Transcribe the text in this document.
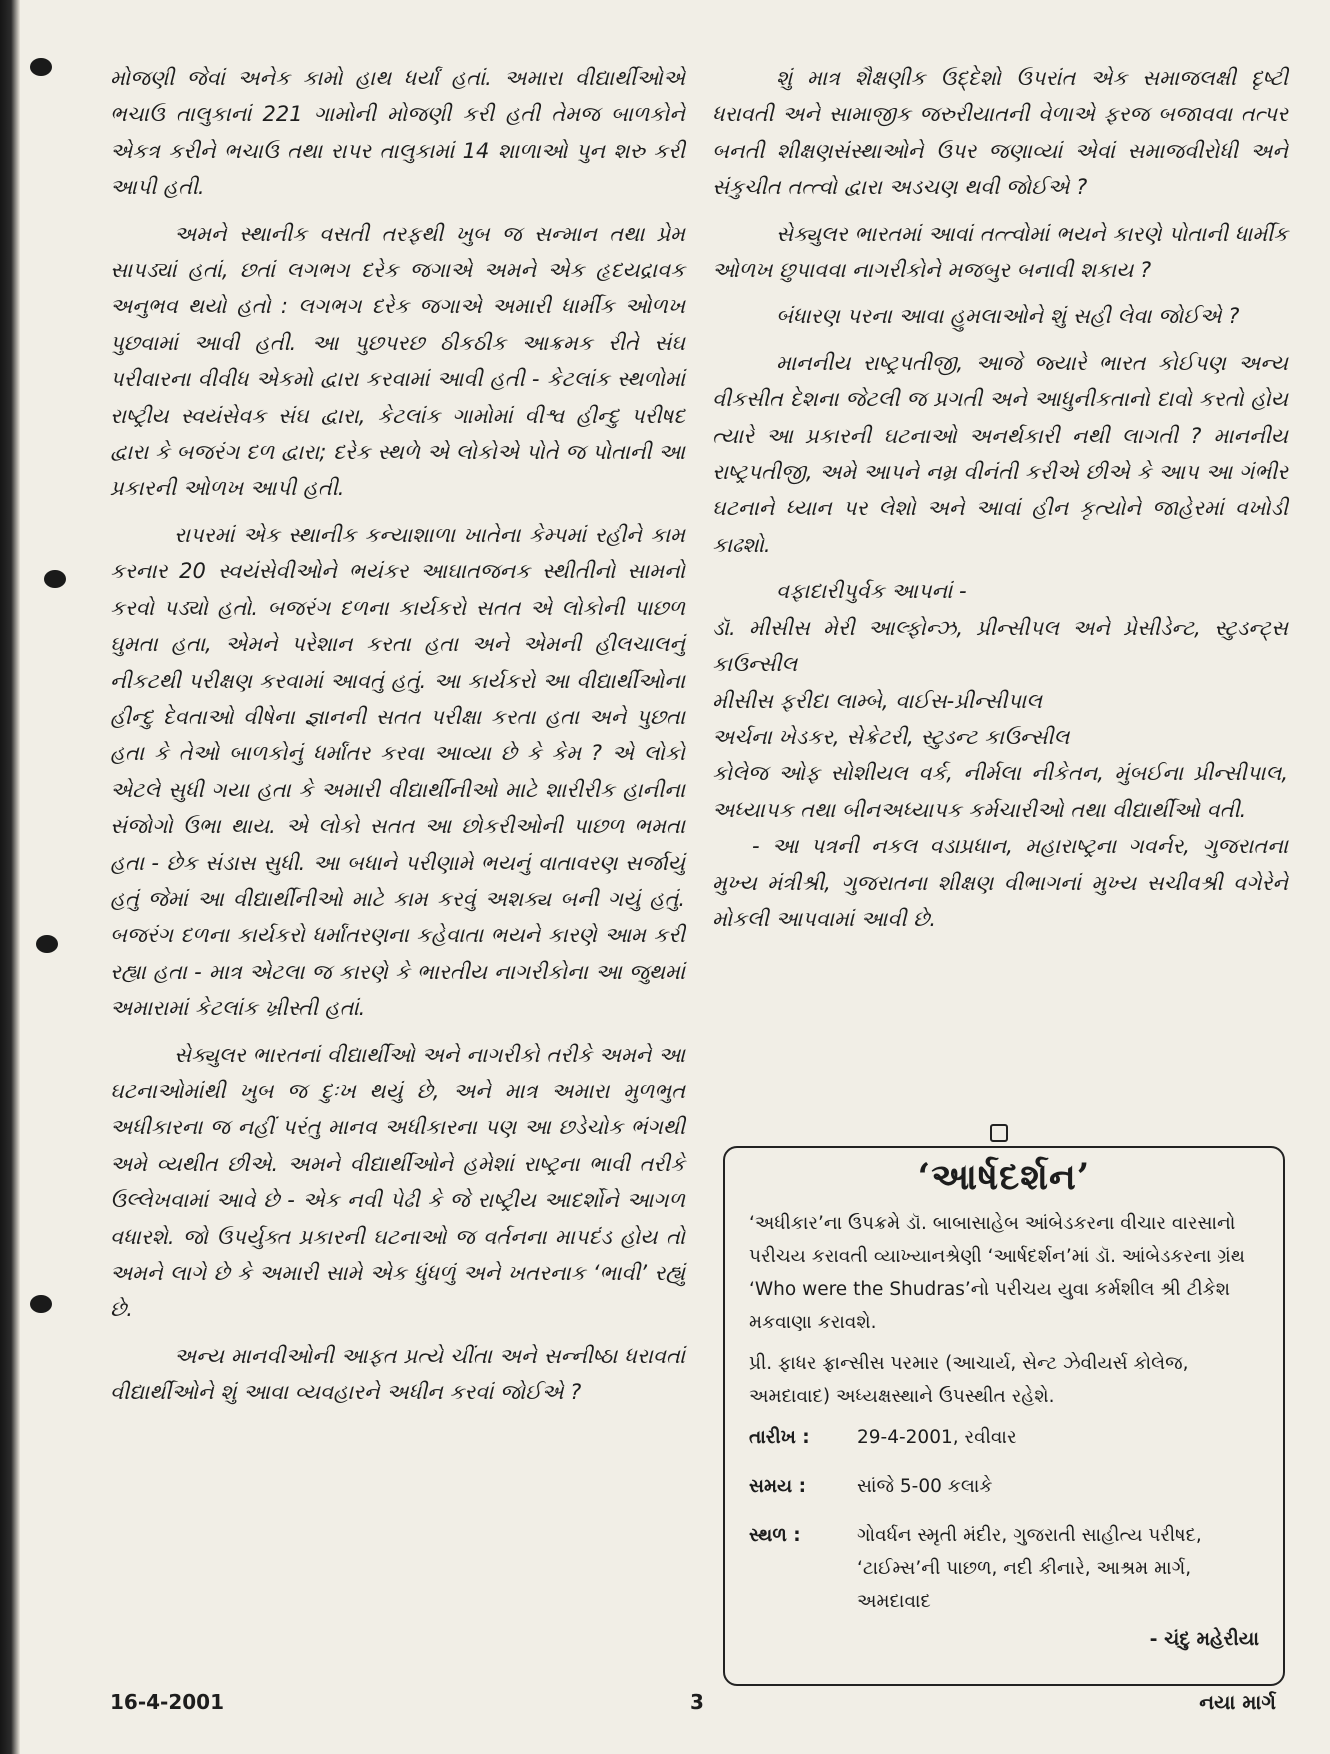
મોજણી જેવાં અનેક કામો હાથ ધર્યાં હતાં. અમારા વીદ્યાર્થીઓએ ભચાઉ તાલુકાનાં 221 ગામોની મોજણી કરી હતી તેમજ બાળકોને એકત્ર કરીને ભચાઉ તથા રાપર તાલુકામાં 14 શાળાઓ પુન શરુ કરી આપી હતી.

અમને સ્થાનીક વસતી તરફથી ખુબ જ સન્માન તથા પ્રેમ સાપડ્યાં હતાં, છતાં લગભગ દરેક જગાએ અમને એક હૃદયદ્રાવક અનુભવ થયો હતો : લગભગ દરેક જગાએ અમારી ધાર્મીક ઓળખ પુછવામાં આવી હતી. આ પુછપરછ ઠીકઠીક આક્રમક રીતે સંઘ પરીવારના વીવીધ એકમો દ્વારા કરવામાં આવી હતી - કેટલાંક સ્થળોમાં રાષ્ટ્રીય સ્વયંસેવક સંઘ દ્વારા, કેટલાંક ગામોમાં વીશ્વ હીન્દુ પરીષદ દ્વારા કે બજરંગ દળ દ્વારા; દરેક સ્થળે એ લોકોએ પોતે જ પોતાની આ પ્રકારની ઓળખ આપી હતી.

રાપરમાં એક સ્થાનીક કન્યાશાળા ખાતેના કેમ્પમાં રહીને કામ કરનાર 20 સ્વયંસેવીઓને ભયંકર આઘાતજનક સ્થીતીનો સામનો કરવો પડ્યો હતો. બજરંગ દળના કાર્યકરો સતત એ લોકોની પાછળ ઘુમતા હતા, એમને પરેશાન કરતા હતા અને એમની હીલચાલનું નીકટથી પરીક્ષણ કરવામાં આવતું હતું. આ કાર્યકરો આ વીદ્યાર્થીઓના હીન્દુ દેવતાઓ વીષેના જ્ઞાનની સતત પરીક્ષા કરતા હતા અને પુછતા હતા કે તેઓ બાળકોનું ધર્માંતર કરવા આવ્યા છે કે કેમ ? એ લોકો એટલે સુધી ગયા હતા કે અમારી વીદ્યાર્થીનીઓ માટે શારીરીક હાનીના સંજોગો ઉભા થાય. એ લોકો સતત આ છોકરીઓની પાછળ ભમતા હતા - છેક સંડાસ સુધી. આ બધાને પરીણામે ભયનું વાતાવરણ સર્જાયું હતું જેમાં આ વીદ્યાર્થીનીઓ માટે કામ કરવું અશક્ય બની ગયું હતું. બજરંગ દળના કાર્યકરો ધર્માંતરણના કહેવાતા ભયને કારણે આમ કરી રહ્યા હતા - માત્ર એટલા જ કારણે કે ભારતીય નાગરીકોના આ જુથમાં અમારામાં કેટલાંક ખ્રીસ્તી હતાં.

સેક્યુલર ભારતનાં વીદ્યાર્થીઓ અને નાગરીકો તરીકે અમને આ ઘટનાઓમાંથી ખુબ જ દુઃખ થયું છે, અને માત્ર અમારા મુળભુત અધીકારના જ નહીં પરંતુ માનવ અધીકારના પણ આ છડેચોક ભંગથી અમે વ્યથીત છીએ. અમને વીદ્યાર્થીઓને હમેશાં રાષ્ટ્રના ભાવી તરીકે ઉલ્લેખવામાં આવે છે - એક નવી પેઢી કે જે રાષ્ટ્રીય આદર્શોને આગળ વધારશે. જો ઉપર્યુક્ત પ્રકારની ઘટનાઓ જ વર્તનના માપદંડ હોય તો અમને લાગે છે કે અમારી સામે એક ધુંધળું અને ખતરનાક ‘ભાવી’ રહ્યું છે.

અન્ય માનવીઓની આફત પ્રત્યે ચીંતા અને સન્નીષ્ઠા ધરાવતાં વીદ્યાર્થીઓને શું આવા વ્યવહારને અધીન કરવાં જોઈએ ?

શું માત્ર શૈક્ષણીક ઉદ્દેશો ઉપરાંત એક સમાજલક્ષી દૃષ્ટી ધરાવતી અને સામાજીક જરુરીયાતની વેળાએ ફરજ બજાવવા તત્પર બનતી શીક્ષણસંસ્થાઓને ઉપર જણાવ્યાં એવાં સમાજવીરોધી અને સંકુચીત તત્ત્વો દ્વારા અડચણ થવી જોઈએ ?

સેક્યુલર ભારતમાં આવાં તત્ત્વોમાં ભયને કારણે પોતાની ધાર્મીક ઓળખ છુપાવવા નાગરીકોને મજબુર બનાવી શકાય ?

બંધારણ પરના આવા હુમલાઓને શું સહી લેવા જોઈએ ?

માનનીય રાષ્ટ્રપતીજી, આજે જ્યારે ભારત કોઈપણ અન્ય વીકસીત દેશના જેટલી જ પ્રગતી અને આધુનીકતાનો દાવો કરતો હોય ત્યારે આ પ્રકારની ઘટનાઓ અનર્થકારી નથી લાગતી ? માનનીય રાષ્ટ્રપતીજી, અમે આપને નમ્ર વીનંતી કરીએ છીએ કે આપ આ ગંભીર ઘટનાને ધ્યાન પર લેશો અને આવાં હીન કૃત્યોને જાહેરમાં વખોડી કાઢશો.

વફાદારીપુર્વક આપનાં -

ડૉ. મીસીસ મેરી આલ્ફોન્ઝ, પ્રીન્સીપલ અને પ્રેસીડેન્ટ, સ્ટુડન્ટ્સ કાઉન્સીલ

મીસીસ ફરીદા લામ્બે, વાઈસ-પ્રીન્સીપાલ

અર્ચના ખેડકર, સેક્રેટરી, સ્ટુડન્ટ કાઉન્સીલ

કોલેજ ઓફ સોશીયલ વર્ક, નીર્મલા નીકેતન, મુંબઈના પ્રીન્સીપાલ, અધ્યાપક તથા બીનઅધ્યાપક કર્મચારીઓ તથા વીદ્યાર્થીઓ વતી.

- આ પત્રની નકલ વડાપ્રધાન, મહારાષ્ટ્રના ગવર્નર, ગુજરાતના મુખ્ય મંત્રીશ્રી, ગુજરાતના શીક્ષણ વીભાગનાં મુખ્ય સચીવશ્રી વગેરેને મોકલી આપવામાં આવી છે.

‘આર્ષદર્શન’

‘અધીકાર’ના ઉપક્રમે ડૉ. બાબાસાહેબ આંબેડકરના વીચાર વારસાનો પરીચય કરાવતી વ્યાખ્યાનશ્રેણી ‘આર્ષદર્શન’માં ડૉ. આંબેડકરના ગ્રંથ ‘Who were the Shudras’નો પરીચય યુવા કર્મશીલ શ્રી ટીકેશ મકવાણા કરાવશે.

પ્રી. ફાધર ફ્રાન્સીસ પરમાર (આચાર્ય, સેન્ટ ઝેવીયર્સ કોલેજ, અમદાવાદ) અધ્યક્ષસ્થાને ઉપસ્થીત રહેશે.

તારીખ :	29-4-2001, રવીવાર
સમય :	સાંજે 5-00 કલાકે
સ્થળ :	ગોવર્ધન સ્મૃતી મંદીર, ગુજરાતી સાહીત્ય પરીષદ, ‘ટાઈમ્સ’ની પાછળ, નદી કીનારે, આશ્રમ માર્ગ, અમદાવાદ
- ચંદુ મહેરીયા
16-4-2001	3	નયા માર્ગ
